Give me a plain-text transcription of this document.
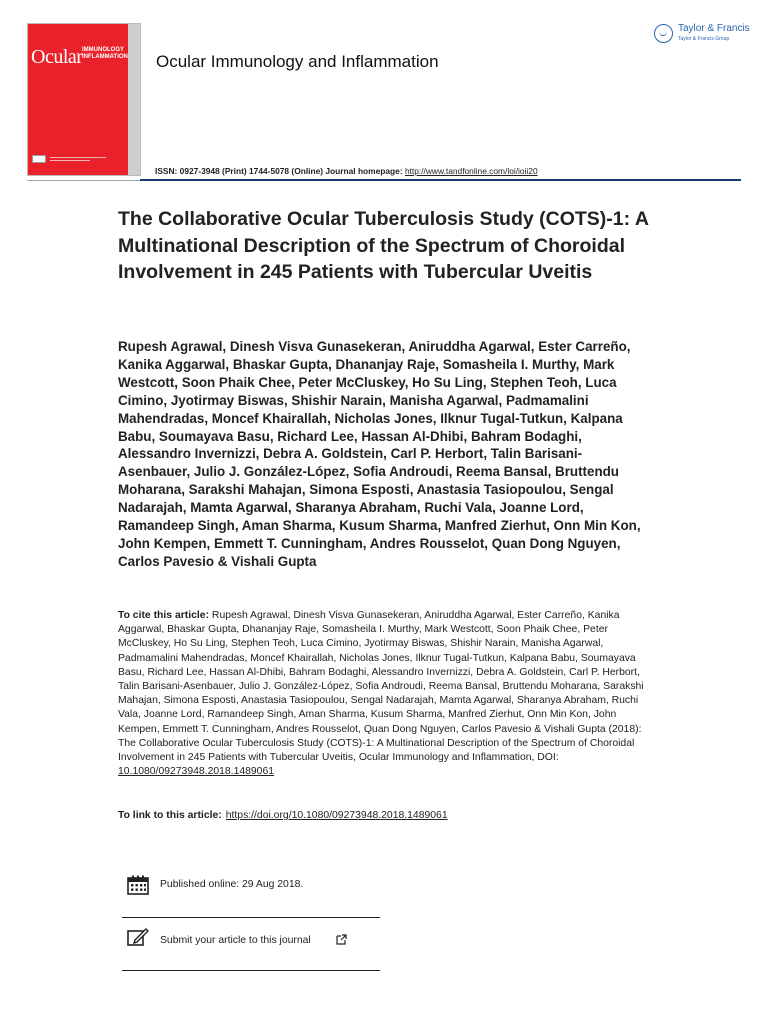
Ocular IMMUNOLOGY
INFLAMMATION Ocular Immunology and Inflammation
Taylor & Francis
Taylor & Francis Group
ISSN: 0927-3948 (Print) 1744-5078 (Online) Journal homepage: http://www.tandfonline.com/loi/ioii20
The Collaborative Ocular Tuberculosis Study (COTS)-1: A Multinational Description of the Spectrum of Choroidal Involvement in 245 Patients with Tubercular Uveitis
Rupesh Agrawal, Dinesh Visva Gunasekeran, Aniruddha Agarwal, Ester Carreño, Kanika Aggarwal, Bhaskar Gupta, Dhananjay Raje, Somasheila I. Murthy, Mark Westcott, Soon Phaik Chee, Peter McCluskey, Ho Su Ling, Stephen Teoh, Luca Cimino, Jyotirmay Biswas, Shishir Narain, Manisha Agarwal, Padmamalini Mahendradas, Moncef Khairallah, Nicholas Jones, Ilknur Tugal-Tutkun, Kalpana Babu, Soumayava Basu, Richard Lee, Hassan Al-Dhibi, Bahram Bodaghi, Alessandro Invernizzi, Debra A. Goldstein, Carl P. Herbort, Talin Barisani-Asenbauer, Julio J. González-López, Sofia Androudi, Reema Bansal, Bruttendu Moharana, Sarakshi Mahajan, Simona Esposti, Anastasia Tasiopoulou, Sengal Nadarajah, Mamta Agarwal, Sharanya Abraham, Ruchi Vala, Joanne Lord, Ramandeep Singh, Aman Sharma, Kusum Sharma, Manfred Zierhut, Onn Min Kon, John Kempen, Emmett T. Cunningham, Andres Rousselot, Quan Dong Nguyen, Carlos Pavesio & Vishali Gupta
To cite this article: Rupesh Agrawal, Dinesh Visva Gunasekeran, Aniruddha Agarwal, Ester Carreño, Kanika Aggarwal, Bhaskar Gupta, Dhananjay Raje, Somasheila I. Murthy, Mark Westcott, Soon Phaik Chee, Peter McCluskey, Ho Su Ling, Stephen Teoh, Luca Cimino, Jyotirmay Biswas, Shishir Narain, Manisha Agarwal, Padmamalini Mahendradas, Moncef Khairallah, Nicholas Jones, Ilknur Tugal-Tutkun, Kalpana Babu, Soumayava Basu, Richard Lee, Hassan Al-Dhibi, Bahram Bodaghi, Alessandro Invernizzi, Debra A. Goldstein, Carl P. Herbort, Talin Barisani-Asenbauer, Julio J. González-López, Sofia Androudi, Reema Bansal, Bruttendu Moharana, Sarakshi Mahajan, Simona Esposti, Anastasia Tasiopoulou, Sengal Nadarajah, Mamta Agarwal, Sharanya Abraham, Ruchi Vala, Joanne Lord, Ramandeep Singh, Aman Sharma, Kusum Sharma, Manfred Zierhut, Onn Min Kon, John Kempen, Emmett T. Cunningham, Andres Rousselot, Quan Dong Nguyen, Carlos Pavesio & Vishali Gupta (2018): The Collaborative Ocular Tuberculosis Study (COTS)-1: A Multinational Description of the Spectrum of Choroidal Involvement in 245 Patients with Tubercular Uveitis, Ocular Immunology and Inflammation, DOI: 10.1080/09273948.2018.1489061
To link to this article: https://doi.org/10.1080/09273948.2018.1489061
Published online: 29 Aug 2018.
Submit your article to this journal
